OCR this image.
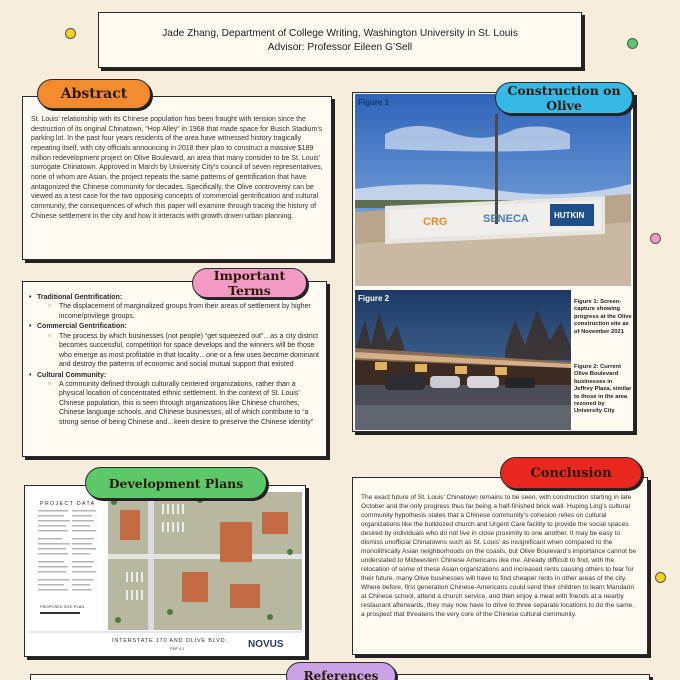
Jade Zhang, Department of College Writing, Washington University in St. Louis
Advisor: Professor Eileen G’Sell
St. Louis’ relationship with its Chinese population has been fraught with tension since the destruction of its original Chinatown, “Hop Alley” in 1968 that made space for Busch Stadium’s parking lot. In the past four years residents of the area have witnessed history tragically repeating itself, with city officials announcing in 2018 their plan to construct a massive $189 million redevelopment project on Olive Boulevard, an area that many consider to be St. Louis’ surrogate Chinatown. Approved in March by University City’s council of seven representatives, none of whom are Asian, the project repeats the same patterns of gentrification that have antagonized the Chinese community for decades. Specifically, the Olive controversy can be viewed as a test case for the two opposing concepts of commercial gentrification and cultural community, the consequences of which this paper will examine through tracing the history of Chinese settlement in the city and how it interacts with growth driven urban planning.
Abstract
• Traditional Gentrification:
○ The displacement of marginalized groups from their areas of settlement by higher income/privilege groups.
• Commercial Gentrification:
○ The process by which businesses (not people) “get squeezed out”…as a city district becomes successful, competition for space develops and the winners will be those who emerge as most profitable in that locality…one or a few uses become dominant and destroy the patterns of economic and social mutual support that existed
• Cultural Community:
○ A community defined through culturally centered organizations, rather than a physical location of concentrated ethnic settlement. In the context of St. Louis’ Chinese population, this is seen through organizations like Chinese churches, Chinese language schools, and Chinese businesses, all of which contribute to “a strong sense of being Chinese and…keen desire to preserve the Chinese identity”
Important Terms
CRG	SENECA	HUTKIN
Figure 1
Figure 2	Figure 1: Screen-capture showing progress at the Olive construction site as of November 2021
Figure 2: Current Olive Boulevard businesses in Jeffrey Plaza, similar to those in the area rezoned by University City
Construction on Olive
PROJECT DATA
PROPOSED SITE PLAN
INTERSTATE 170 AND OLIVE BLVD.
PSP 4.1	NOVUS
Development Plans
The exact future of St. Louis’ Chinatown remains to be seen, with construction starting in late October and the only progress thus far being a half-finished brick wall. Huping Ling’s cultural community hypothesis states that a Chinese community’s cohesion relies on cultural organizations like the bulldozed church and Urgent Care facility to provide the social spaces desired by individuals who do not live in close proximity to one another. It may be easy to dismiss unofficial Chinatowns such as St. Louis’ as insignificant when compared to the monolithically Asian neighborhoods on the coasts, but Olive Boulevard’s importance cannot be understated to Midwestern Chinese Americans like me. Already difficult to find, with the relocation of some of these Asian organizations and increased rents causing others to fear for their future, many Olive businesses will have to find cheaper rents in other areas of the city. Where before, first generation Chinese-Americans could send their children to learn Mandarin at Chinese school, attend a church service, and then enjoy a meal with friends at a nearby restaurant afterwards, they may now have to drive to three separate locations to do the same, a prospect that threatens the very core of the Chinese cultural community.
Conclusion
References
